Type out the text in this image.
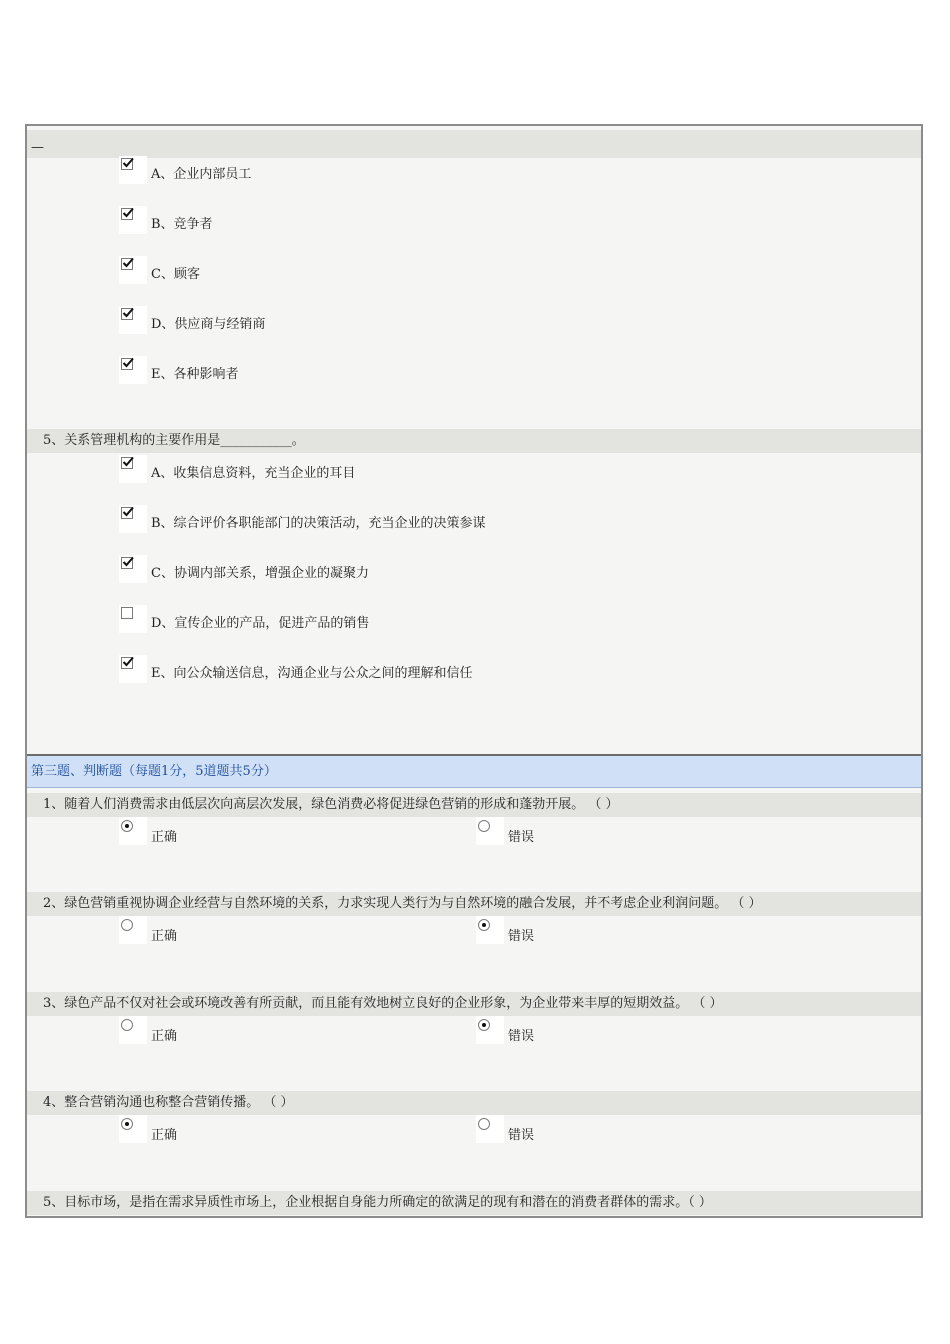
—
A、企业内部员工
B、竞争者
C、顾客
D、供应商与经销商
E、各种影响者
5、关系管理机构的主要作用是___________。
A、收集信息资料，充当企业的耳目
B、综合评价各职能部门的决策活动，充当企业的决策参谋
C、协调内部关系，增强企业的凝聚力
D、宣传企业的产品，促进产品的销售
E、向公众输送信息，沟通企业与公众之间的理解和信任
第三题、判断题（每题1分，5道题共5分）
1、随着人们消费需求由低层次向高层次发展，绿色消费必将促进绿色营销的形成和蓬勃开展。 （ ）
正确	错误
2、绿色营销重视协调企业经营与自然环境的关系，力求实现人类行为与自然环境的融合发展，并不考虑企业利润问题。 （ ）
正确	错误
3、绿色产品不仅对社会或环境改善有所贡献，而且能有效地树立良好的企业形象，为企业带来丰厚的短期效益。 （ ）
正确	错误
4、整合营销沟通也称整合营销传播。 （ ）
正确	错误
5、目标市场，是指在需求异质性市场上，企业根据自身能力所确定的欲满足的现有和潜在的消费者群体的需求。（ ）
